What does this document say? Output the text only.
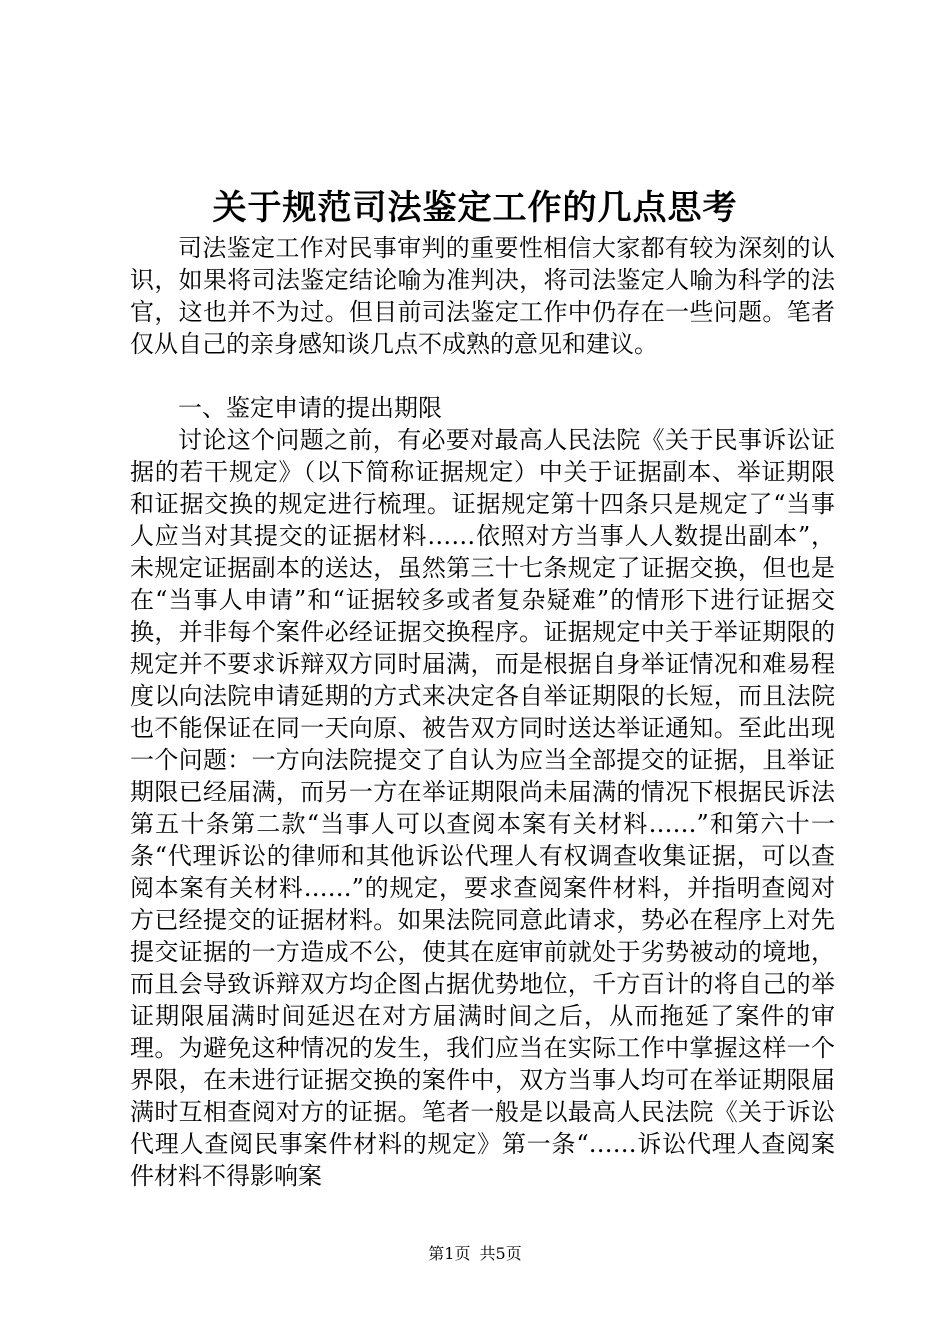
关于规范司法鉴定工作的几点思考

司法鉴定工作对民事审判的重要性相信大家都有较为深刻的认识，如果将司法鉴定结论喻为准判决，将司法鉴定人喻为科学的法官，这也并不为过。但目前司法鉴定工作中仍存在一些问题。笔者仅从自己的亲身感知谈几点不成熟的意见和建议。

一、鉴定申请的提出期限

讨论这个问题之前，有必要对最高人民法院《关于民事诉讼证据的若干规定》（以下简称证据规定）中关于证据副本、举证期限和证据交换的规定进行梳理。证据规定第十四条只是规定了“当事人应当对其提交的证据材料……依照对方当事人人数提出副本”，未规定证据副本的送达，虽然第三十七条规定了证据交换，但也是在“当事人申请”和“证据较多或者复杂疑难”的情形下进行证据交换，并非每个案件必经证据交换程序。证据规定中关于举证期限的规定并不要求诉辩双方同时届满，而是根据自身举证情况和难易程度以向法院申请延期的方式来决定各自举证期限的长短，而且法院也不能保证在同一天向原、被告双方同时送达举证通知。至此出现一个问题：一方向法院提交了自认为应当全部提交的证据，且举证期限已经届满，而另一方在举证期限尚未届满的情况下根据民诉法第五十条第二款“当事人可以查阅本案有关材料……”和第六十一条“代理诉讼的律师和其他诉讼代理人有权调查收集证据，可以查阅本案有关材料……”的规定，要求查阅案件材料，并指明查阅对方已经提交的证据材料。如果法院同意此请求，势必在程序上对先提交证据的一方造成不公，使其在庭审前就处于劣势被动的境地，而且会导致诉辩双方均企图占据优势地位，千方百计的将自己的举证期限届满时间延迟在对方届满时间之后，从而拖延了案件的审理。为避免这种情况的发生，我们应当在实际工作中掌握这样一个界限，在未进行证据交换的案件中，双方当事人均可在举证期限届满时互相查阅对方的证据。笔者一般是以最高人民法院《关于诉讼代理人查阅民事案件材料的规定》第一条“……诉讼代理人查阅案件材料不得影响案

第1页 共5页
